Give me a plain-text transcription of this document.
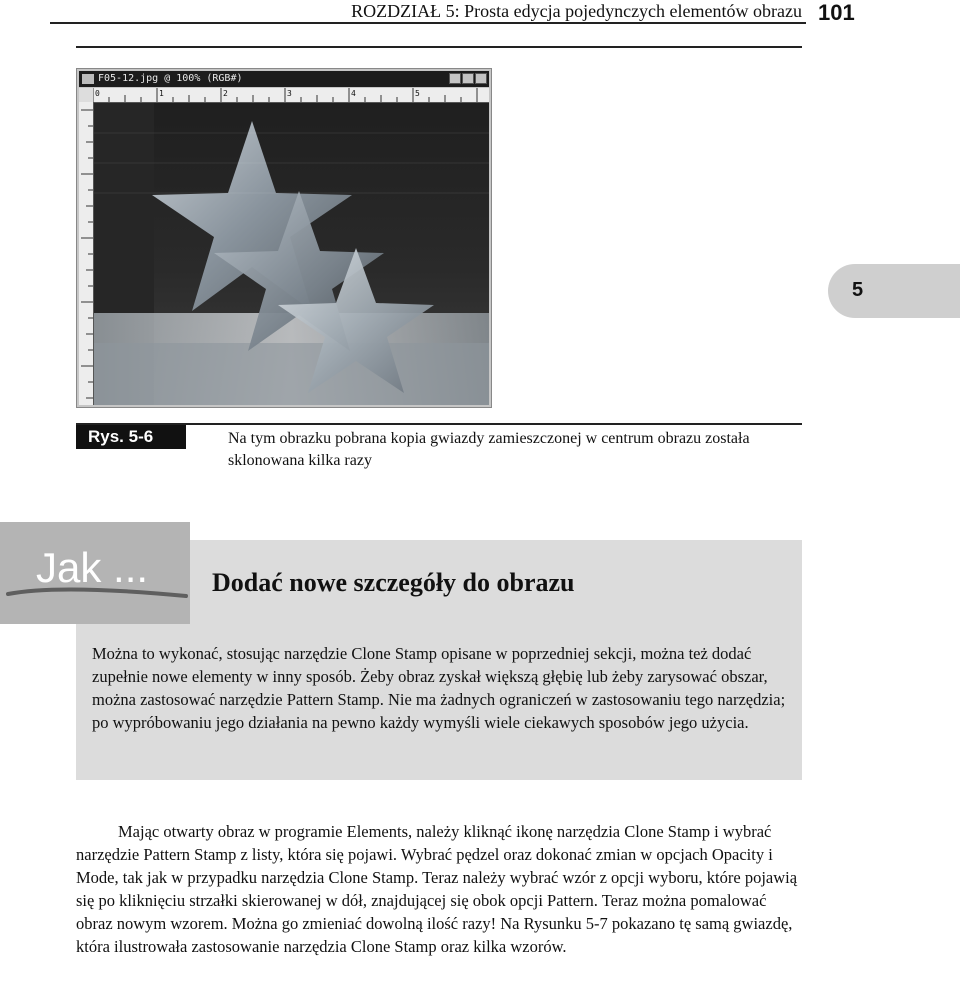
ROZDZIAŁ 5: Prosta edycja pojedynczych elementów obrazu 101
5
F05-12.jpg @ 100% (RGB#)
0	1	2	3	4	5
Rys. 5-6	Na tym obrazku pobrana kopia gwiazdy zamieszczonej w centrum obrazu została sklonowana kilka razy
Jak ... Dodać nowe szczegóły do obrazu
Można to wykonać, stosując narzędzie Clone Stamp opisane w poprzedniej sekcji, można też dodać zupełnie nowe elementy w inny sposób. Żeby obraz zyskał większą głębię lub żeby zarysować obszar, można zastosować narzędzie Pattern Stamp. Nie ma żadnych ograniczeń w zastosowaniu tego narzędzia; po wypróbowaniu jego działania na pewno każdy wymyśli wiele ciekawych sposobów jego użycia.
Mając otwarty obraz w programie Elements, należy kliknąć ikonę narzędzia Clone Stamp i wybrać narzędzie Pattern Stamp z listy, która się pojawi. Wybrać pędzel oraz dokonać zmian w opcjach Opacity i Mode, tak jak w przypadku narzędzia Clone Stamp. Teraz należy wybrać wzór z opcji wyboru, które pojawią się po kliknięciu strzałki skierowanej w dół, znajdującej się obok opcji Pattern. Teraz można pomalować obraz nowym wzorem. Można go zmieniać dowolną ilość razy! Na Rysunku 5-7 pokazano tę samą gwiazdę, która ilustrowała zastosowanie narzędzia Clone Stamp oraz kilka wzorów.
